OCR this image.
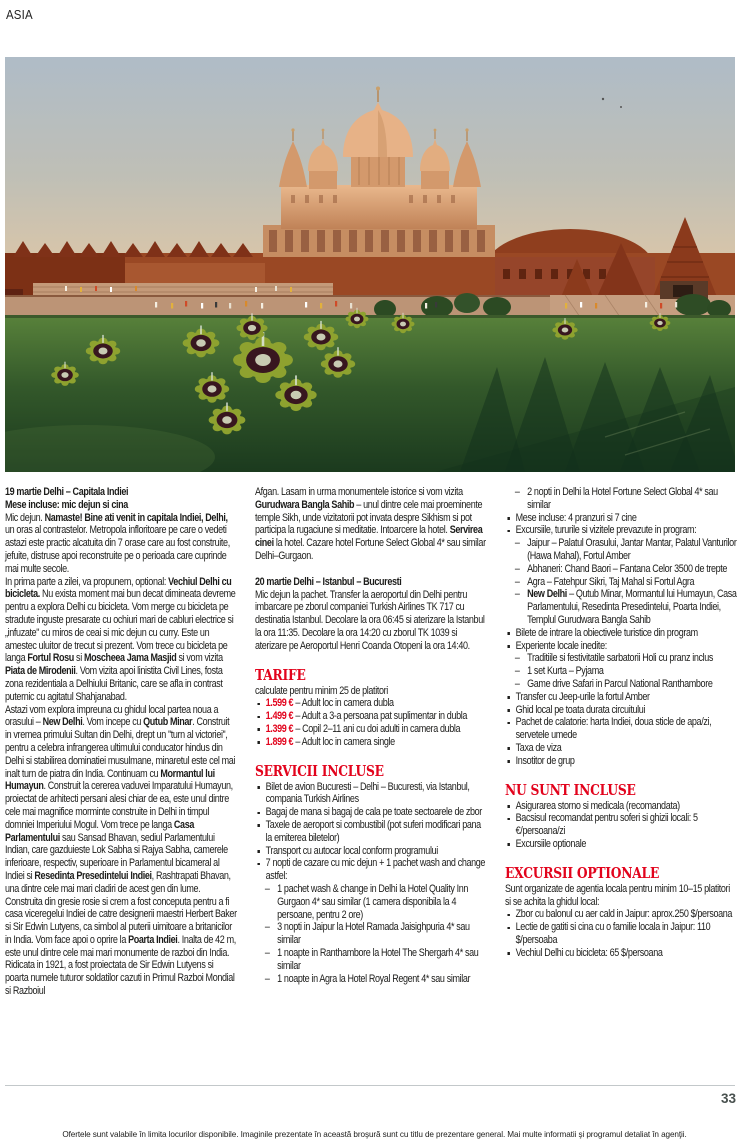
ASIA
19 martie Delhi – Capitala Indiei
Mese incluse: mic dejun si cina
Mic dejun. Namaste! Bine ati venit in capitala Indiei, Delhi, un oras al contrastelor. Metropola infloritoare pe care o vedeti astazi este practic alcatuita din 7 orase care au fost construite, jefuite, distruse apoi reconstruite pe o perioada care cuprinde mai multe secole.
In prima parte a zilei, va propunem, optional: Vechiul Delhi cu bicicleta. Nu exista moment mai bun decat dimineata devreme pentru a explora Delhi cu bicicleta. Vom merge cu bicicleta pe stradute inguste presarate cu ochiuri mari de cabluri electrice si „infuzate" cu miros de ceai si mic dejun cu curry. Este un amestec uluitor de trecut si prezent. Vom trece cu bicicleta pe langa Fortul Rosu si Moscheea Jama Masjid si vom vizita Piata de Mirodenii. Vom vizita apoi linistita Civil Lines, fosta zona rezidentiala a Delhiului Britanic, care se afla in contrast puternic cu agitatul Shahjanabad.
Astazi vom explora impreuna cu ghidul local partea noua a orasului – New Delhi. Vom incepe cu Qutub Minar. Construit in vremea primului Sultan din Delhi, drept un ''turn al victoriei'', pentru a celebra infrangerea ultimului conducator hindus din Delhi si stabilirea dominatiei musulmane, minaretul este cel mai inalt turn de piatra din India. Continuam cu Mormantul lui Humayun. Construit la cererea vaduvei Imparatului Humayun, proiectat de arhitecti persani alesi chiar de ea, este unul dintre cele mai magnifice morminte construite in Delhi in timpul domniei Imperiului Mogul. Vom trece pe langa Casa Parlamentului sau Sansad Bhavan, sediul Parlamentului Indian, care gazduieste Lok Sabha si Rajya Sabha, camerele inferioare, respectiv, superioare in Parlamentul bicameral al Indiei si Resedinta Presedintelui Indiei, Rashtrapati Bhavan, una dintre cele mai mari cladiri de acest gen din lume. Construita din gresie rosie si crem a fost conceputa pentru a fi casa viceregelui Indiei de catre designerii maestri Herbert Baker si Sir Edwin Lutyens, ca simbol al puterii uimitoare a britanicilor in India. Vom face apoi o oprire la Poarta Indiei. Inalta de 42 m, este unul dintre cele mai mari monumente de razboi din India. Ridicata in 1921, a fost proiectata de Sir Edwin Lutyens si poarta numele tuturor soldatilor cazuti in Primul Razboi Mondial si Razboiul
Afgan. Lasam in urma monumentele istorice si vom vizita Gurudwara Bangla Sahib – unul dintre cele mai proeminente temple Sikh, unde vizitatorii pot invata despre Sikhism si pot participa la rugaciune si meditatie. Intoarcere la hotel. Servirea cinei la hotel. Cazare hotel Fortune Select Global 4* sau similar Delhi–Gurgaon.
20 martie Delhi – Istanbul – Bucuresti
Mic dejun la pachet. Transfer la aeroportul din Delhi pentru imbarcare pe zborul companiei Turkish Airlines TK 717 cu destinatia Istanbul. Decolare la ora 06:45 si aterizare la Istanbul la ora 11:35. Decolare la ora 14:20 cu zborul TK 1039 si aterizare pe Aeroportul Henri Coanda Otopeni la ora 14:40.
TARIFE
calculate pentru minim 25 de platitori
1.599 € – Adult loc in camera dubla
1.499 € – Adult a 3-a persoana pat suplimentar in dubla
1.399 € – Copil 2–11 ani cu doi adulti in camera dubla
1.899 € – Adult loc in camera single
SERVICII INCLUSE
Bilet de avion Bucuresti – Delhi – Bucuresti, via Istanbul, compania Turkish Airlines
Bagaj de mana si bagaj de cala pe toate sectoarele de zbor
Taxele de aeroport si combustibil (pot suferi modificari pana la emiterea biletelor)
Transport cu autocar local conform programului
7 nopti de cazare cu mic dejun + 1 pachet wash and change astfel:
– 1 pachet wash & change in Delhi la Hotel Quality Inn Gurgaon 4* sau similar (1 camera disponibila la 4 persoane, pentru 2 ore)
– 3 nopti in Jaipur la Hotel Ramada Jaisighpuria 4* sau similar
– 1 noapte in Ranthambore la Hotel The Shergarh 4* sau similar
– 1 noapte in Agra la Hotel Royal Regent 4* sau similar
– 2 nopti in Delhi la Hotel Fortune Select Global 4* sau similar
Mese incluse: 4 pranzuri si 7 cine
Excursiile, tururile si vizitele prevazute in program:
– Jaipur – Palatul Orasului, Jantar Mantar, Palatul Vanturilor (Hawa Mahal), Fortul Amber
– Abhaneri: Chand Baori – Fantana Celor 3500 de trepte
– Agra – Fatehpur Sikri, Taj Mahal si Fortul Agra
– New Delhi – Qutub Minar, Mormantul lui Humayun, Casa Parlamentului, Resedinta Presedintelui, Poarta Indiei, Templul Gurudwara Bangla Sahib
Bilete de intrare la obiectivele turistice din program
Experiente locale inedite:
– Traditiile si festivitatile sarbatorii Holi cu pranz inclus
– 1 set Kurta – Pyjama
– Game drive Safari in Parcul National Ranthambore
Transfer cu Jeep-urile la fortul Amber
Ghid local pe toata durata circuitului
Pachet de calatorie: harta Indiei, doua sticle de apa/zi, servetele umede
Taxa de viza
Insotitor de grup
NU SUNT INCLUSE
Asigurarea storno si medicala (recomandata)
Bacsisul recomandat pentru soferi si ghizii locali: 5 €/persoana/zi
Excursiile optionale
EXCURSII OPTIONALE
Sunt organizate de agentia locala pentru minim 10–15 platitori si se achita la ghidul local:
Zbor cu balonul cu aer cald in Jaipur: aprox.250 $/persoana
Lectie de gatiti si cina cu o familie locala in Jaipur: 110 $/persoaba
Vechiul Delhi cu bicicleta: 65 $/persoana
33
Ofertele sunt valabile în limita locurilor disponibile. Imaginile prezentate în această broşură sunt cu titlu de prezentare general. Mai multe informatii şi programul detaliat în agenţii.
